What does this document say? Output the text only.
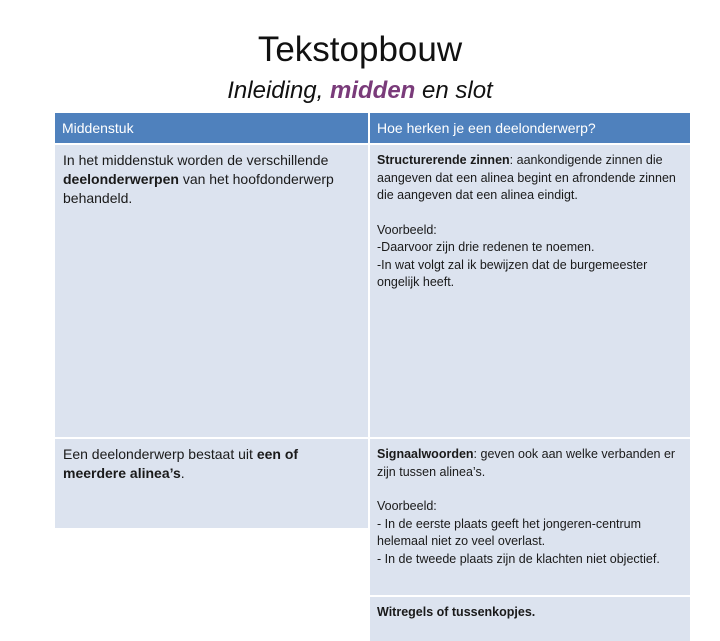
Tekstopbouw
Inleiding, midden en slot
Middenstuk	Hoe herken je een deelonderwerp?
In het middenstuk worden de verschillende deelonderwerpen van het hoofdonderwerp behandeld.
Een deelonderwerp bestaat uit een of meerdere alinea’s.
Structurerende zinnen: aankondigende zinnen die aangeven dat een alinea begint en afrondende zinnen die aangeven dat een alinea eindigt.
Voorbeeld:
-Daarvoor zijn drie redenen te noemen.
-In wat volgt zal ik bewijzen dat de burgemeester ongelijk heeft.
Signaalwoorden: geven ook aan welke verbanden er zijn tussen alinea’s.
Voorbeeld:
- In de eerste plaats geeft het jongeren-centrum helemaal niet zo veel overlast.
- In de tweede plaats zijn de klachten niet objectief.
Witregels of tussenkopjes.
